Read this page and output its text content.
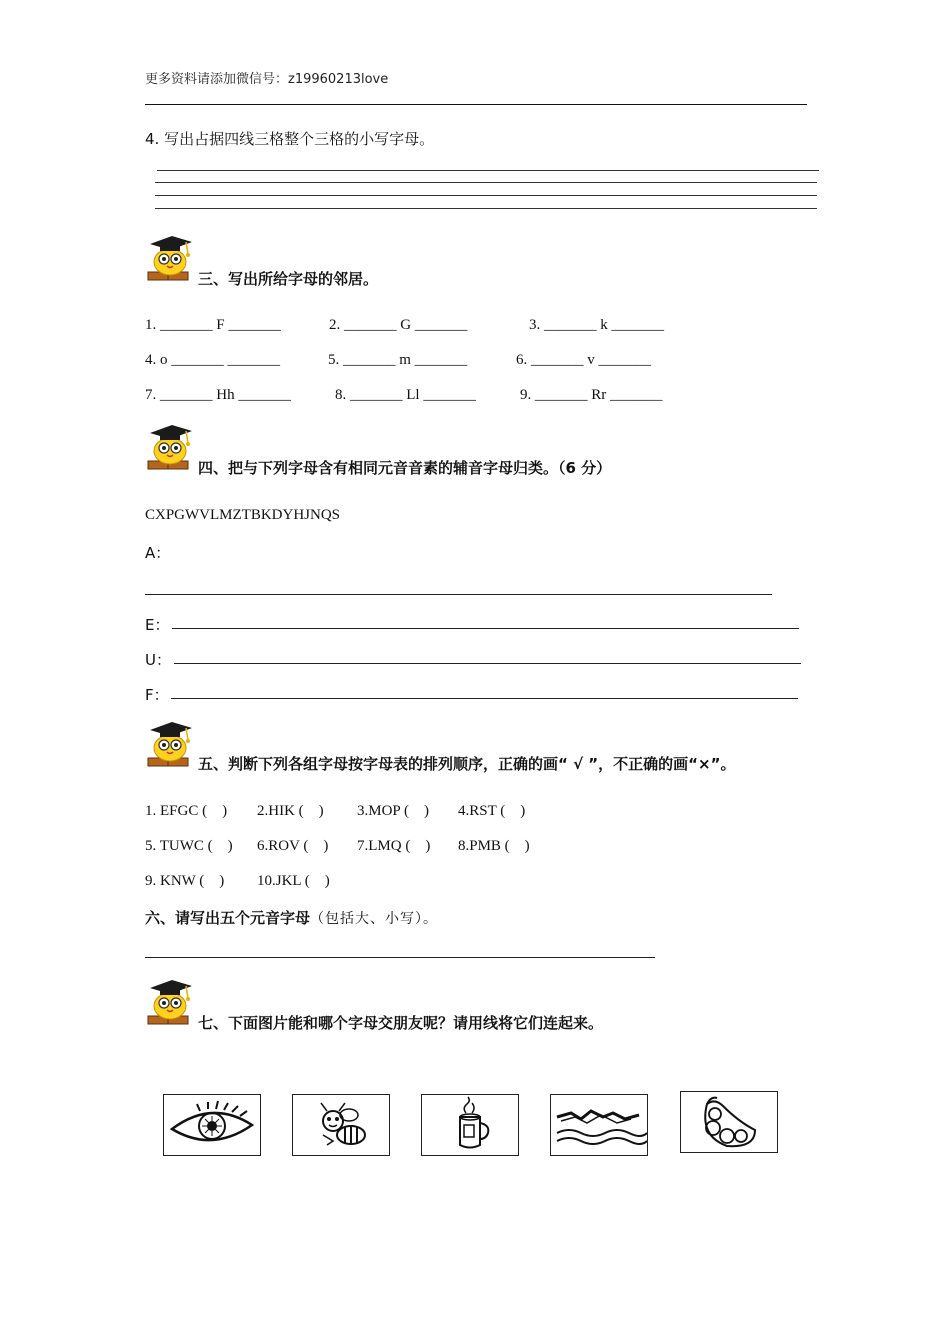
更多资料请添加微信号：z19960213love
4. 写出占据四线三格整个三格的小写字母。
三、写出所给字母的邻居。
1. _______ F _______	2. _______ G _______	3. _______ k _______
4. o _______ _______	5. _______ m _______	6. _______ v _______
7. _______ Hh _______	8. _______ Ll _______	9. _______ Rr _______
四、把与下列字母含有相同元音音素的辅音字母归类。（6 分）
CXPGWVLMZTBKDYHJNQS
A：
E：
U：
F：
五、判断下列各组字母按字母表的排列顺序，正确的画“ √ ”，不正确的画“×”。
1. EFGC (    ) 2.HIK (    ) 3.MOP (    ) 4.RST (    )
5. TUWC (    ) 6.ROV (    ) 7.LMQ (    ) 8.PMB (    )
9. KNW (    ) 10.JKL (    )
六、请写出五个元音字母（包括大、小写）。
七、下面图片能和哪个字母交朋友呢？请用线将它们连起来。
